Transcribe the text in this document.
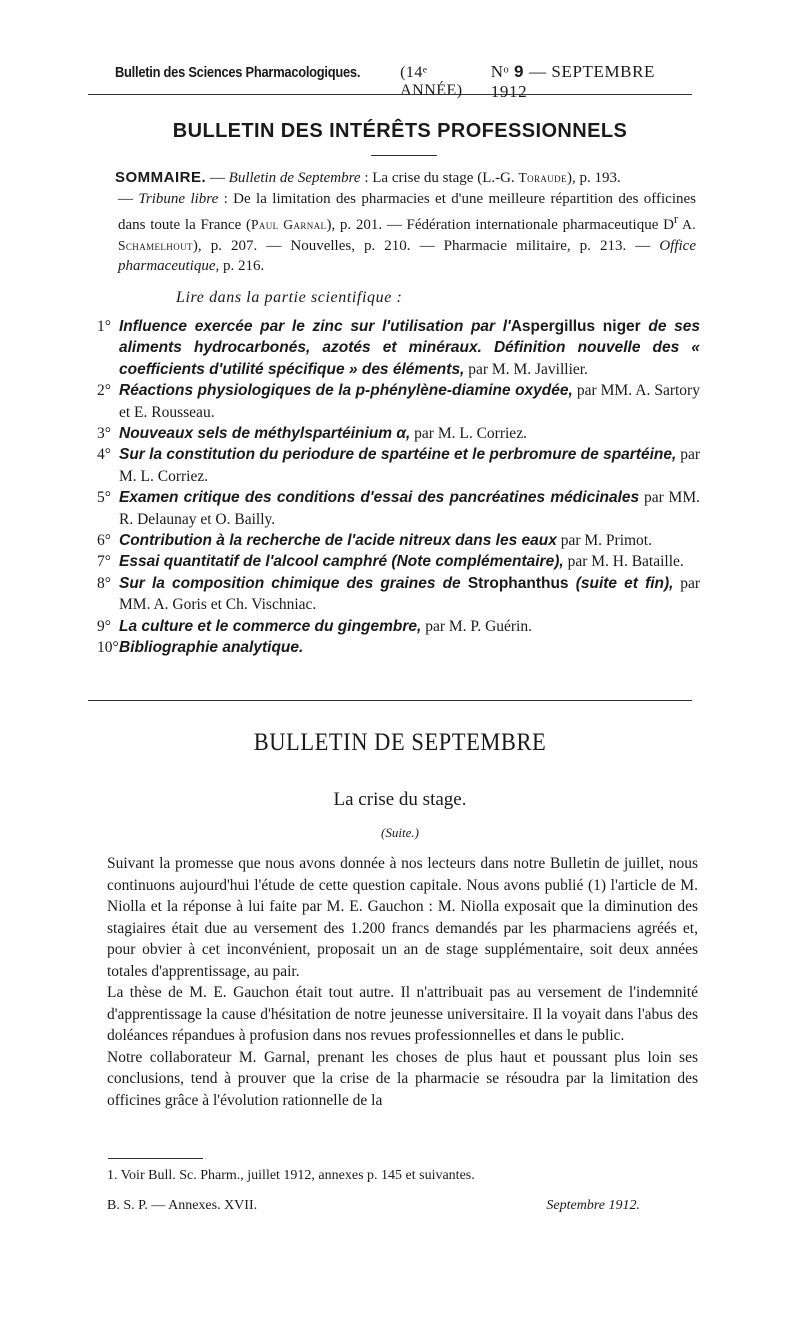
Bulletin des Sciences Pharmacologiques. (14ᵉ ANNÉE)
Nᵒ 9 — SEPTEMBRE 1912
BULLETIN DES INTÉRÊTS PROFESSIONNELS
SOMMAIRE. — Bulletin de Septembre : La crise du stage (L.-G. Toraude), p. 193.
— Tribune libre : De la limitation des pharmacies et d'une meilleure répartition des officines dans toute la France (Paul Garnal), p. 201. — Fédération internationale pharmaceutique $D^r$ A. Schamelhout), p. 207. — Nouvelles, p. 210. — Pharmacie militaire, p. 213. — Office pharmaceutique, p. 216.
Lire dans la partie scientifique :
1° Influence exercée par le zinc sur l'utilisation par l'Aspergillus niger de ses aliments hydrocarbonés, azotés et minéraux. Définition nouvelle des « coefficients d'utilité spécifique » des éléments, par M. M. Javillier.
2° Réactions physiologiques de la p-phénylène-diamine oxydée, par MM. A. Sartory et E. Rousseau.
3° Nouveaux sels de méthylspartéinium α, par M. L. Corriez.
4° Sur la constitution du periodure de spartéine et le perbromure de spartéine, par M. L. Corriez.
5° Examen critique des conditions d'essai des pancréatines médicinales par MM. R. Delaunay et O. Bailly.
6° Contribution à la recherche de l'acide nitreux dans les eaux par M. Primot.
7° Essai quantitatif de l'alcool camphré (Note complémentaire), par M. H. Bataille.
8° Sur la composition chimique des graines de Strophanthus (suite et fin), par MM. A. Goris et Ch. Vischniac.
9° La culture et le commerce du gingembre, par M. P. Guérin.
10° Bibliographie analytique.
BULLETIN DE SEPTEMBRE
La crise du stage.
(Suite.)

Suivant la promesse que nous avons donnée à nos lecteurs dans notre Bulletin de juillet, nous continuons aujourd'hui l'étude de cette question capitale. Nous avons publié (1) l'article de M. Niolla et la réponse à lui faite par M. E. Gauchon : M. Niolla exposait que la diminution des stagiaires était due au versement des 1.200 francs demandés par les pharmaciens agréés et, pour obvier à cet inconvénient, proposait un an de stage supplémentaire, soit deux années totales d'apprentissage, au pair.

La thèse de M. E. Gauchon était tout autre. Il n'attribuait pas au versement de l'indemnité d'apprentissage la cause d'hésitation de notre jeunesse universitaire. Il la voyait dans l'abus des doléances répandues à profusion dans nos revues professionnelles et dans le public.

Notre collaborateur M. Garnal, prenant les choses de plus haut et poussant plus loin ses conclusions, tend à prouver que la crise de la pharmacie se résoudra par la limitation des officines grâce à l'évolution rationnelle de la

1. Voir Bull. Sc. Pharm., juillet 1912, annexes p. 145 et suivantes.
B. S. P. — Annexes. XVII.	Septembre 1912.
